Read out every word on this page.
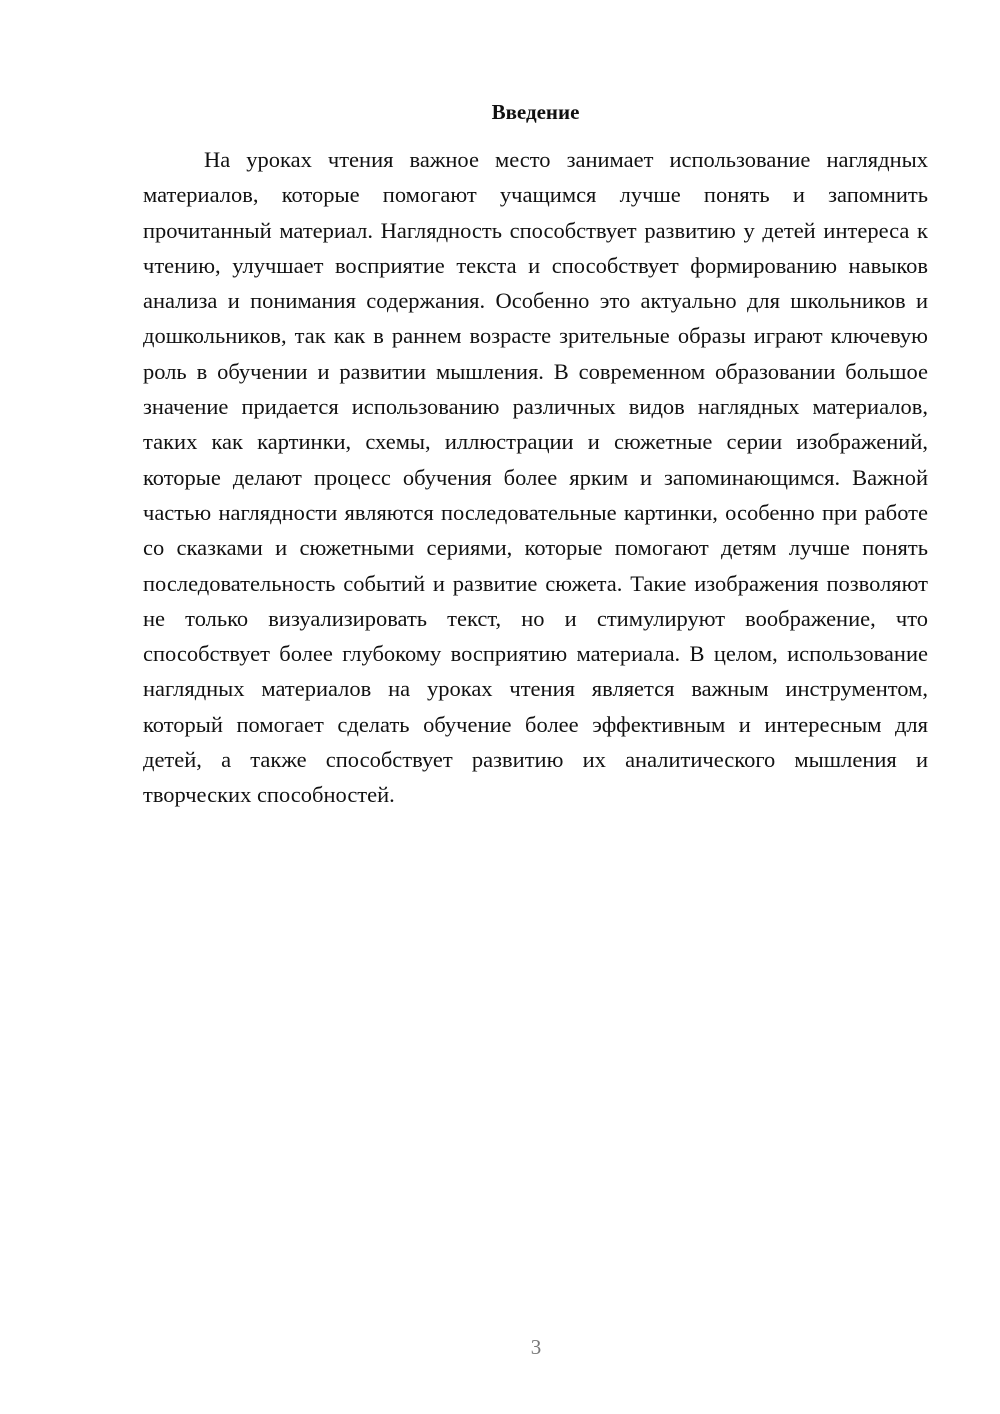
Введение

На уроках чтения важное место занимает использование наглядных материалов, которые помогают учащимся лучше понять и запомнить прочитанный материал. Наглядность способствует развитию у детей интереса к чтению, улучшает восприятие текста и способствует формированию навыков анализа и понимания содержания. Особенно это актуально для школьников и дошкольников, так как в раннем возрасте зрительные образы играют ключевую роль в обучении и развитии мышления. В современном образовании большое значение придается использованию различных видов наглядных материалов, таких как картинки, схемы, иллюстрации и сюжетные серии изображений, которые делают процесс обучения более ярким и запоминающимся. Важной частью наглядности являются последовательные картинки, особенно при работе со сказками и сюжетными сериями, которые помогают детям лучше понять последовательность событий и развитие сюжета. Такие изображения позволяют не только визуализировать текст, но и стимулируют воображение, что способствует более глубокому восприятию материала. В целом, использование наглядных материалов на уроках чтения является важным инструментом, который помогает сделать обучение более эффективным и интересным для детей, а также способствует развитию их аналитического мышления и творческих способностей.

3
